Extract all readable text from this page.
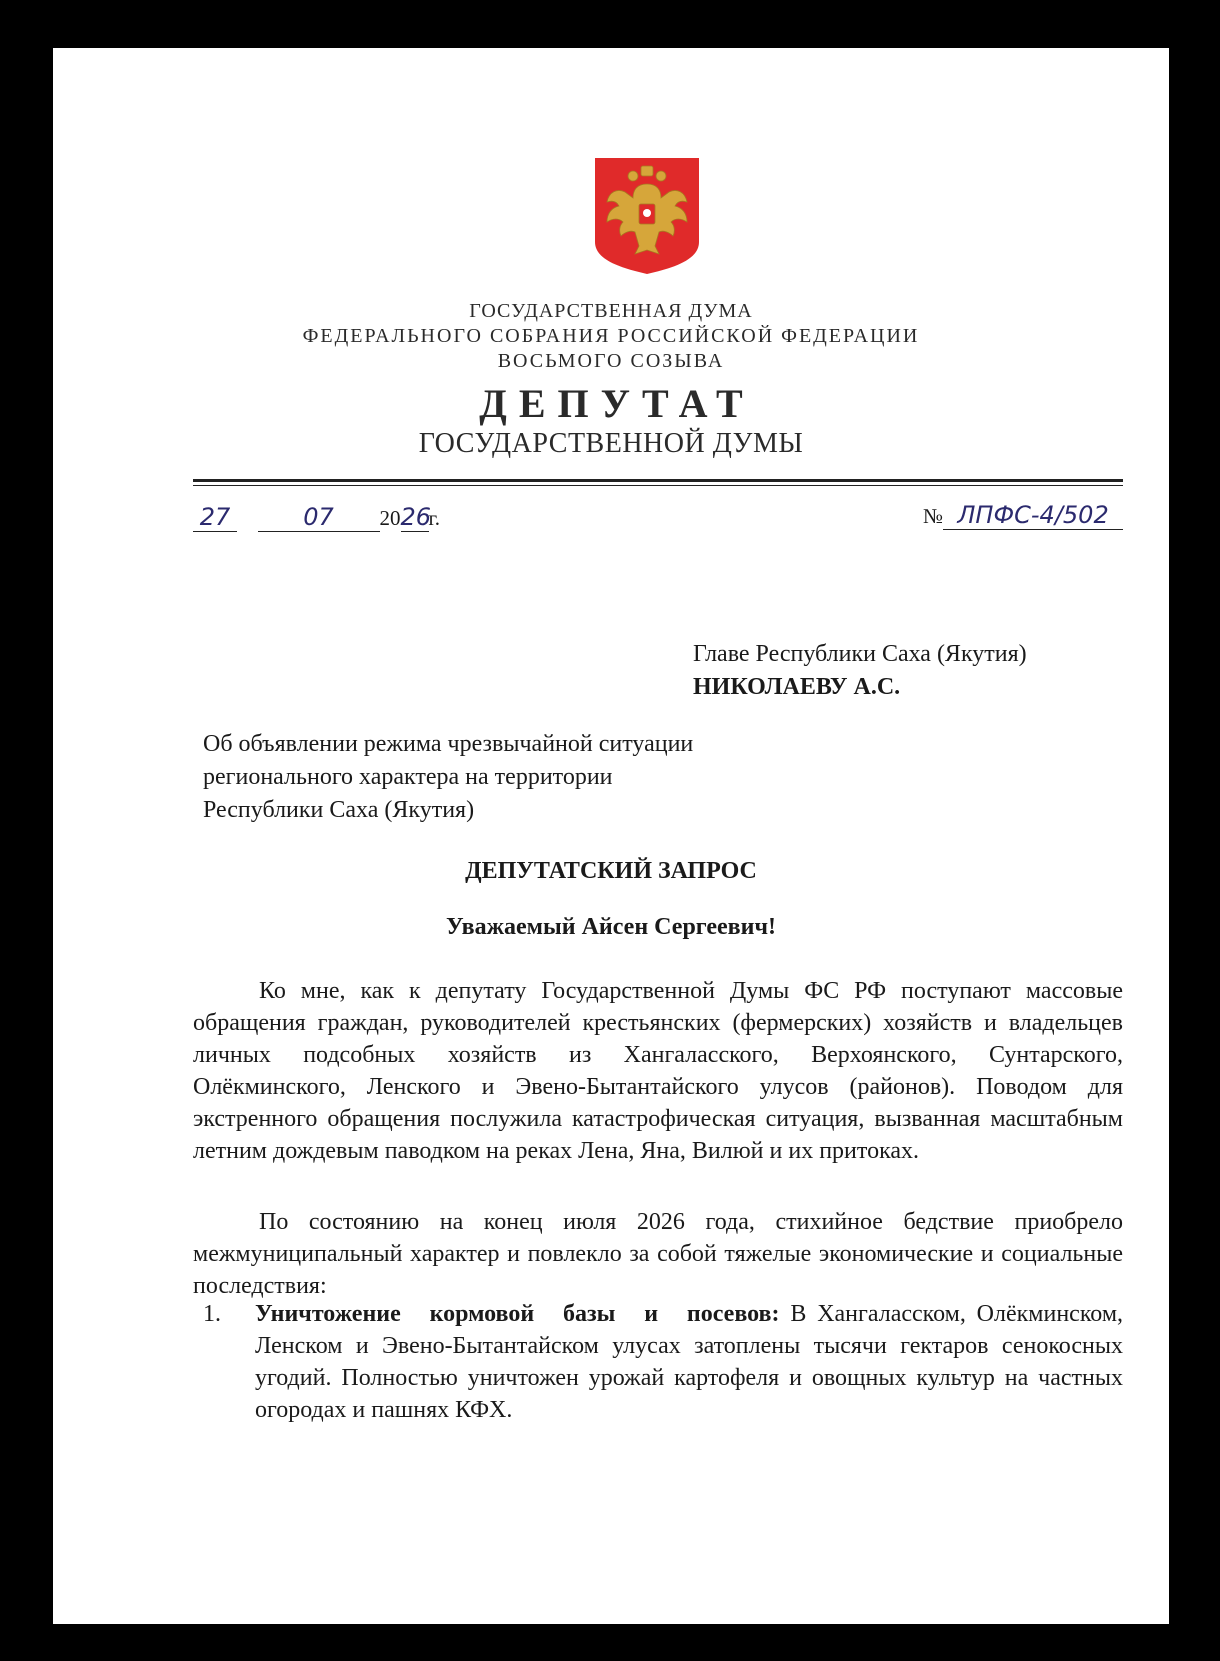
ГОСУДАРСТВЕННАЯ ДУМА
ФЕДЕРАЛЬНОГО СОБРАНИЯ РОССИЙСКОЙ ФЕДЕРАЦИИ
ВОСЬМОГО СОЗЫВА
ДЕПУТАТ
ГОСУДАРСТВЕННОЙ ДУМЫ
27	07 2026г.	№ ЛПФС-4/502
Главе Республики Саха (Якутия)
НИКОЛАЕВУ А.С.
Об объявлении режима чрезвычайной ситуации
регионального характера на территории
Республики Саха (Якутия)
ДЕПУТАТСКИЙ ЗАПРОС
Уважаемый Айсен Сергеевич!
Ко мне, как к депутату Государственной Думы ФС РФ поступают массовые обращения граждан, руководителей крестьянских (фермерских) хозяйств и владельцев личных подсобных хозяйств из Хангаласского, Верхоянского, Сунтарского, Олёкминского, Ленского и Эвено-Бытантайского улусов (районов). Поводом для экстренного обращения послужила катастрофическая ситуация, вызванная масштабным летним дождевым паводком на реках Лена, Яна, Вилюй и их притоках.
По состоянию на конец июля 2026 года, стихийное бедствие приобрело межмуниципальный характер и повлекло за собой тяжелые экономические и социальные последствия:
1. Уничтожение кормовой базы и посевов: В Хангаласском, Олёкминском, Ленском и Эвено-Бытантайском улусах затоплены тысячи гектаров сенокосных угодий. Полностью уничтожен урожай картофеля и овощных культур на частных огородах и пашнях КФХ.
